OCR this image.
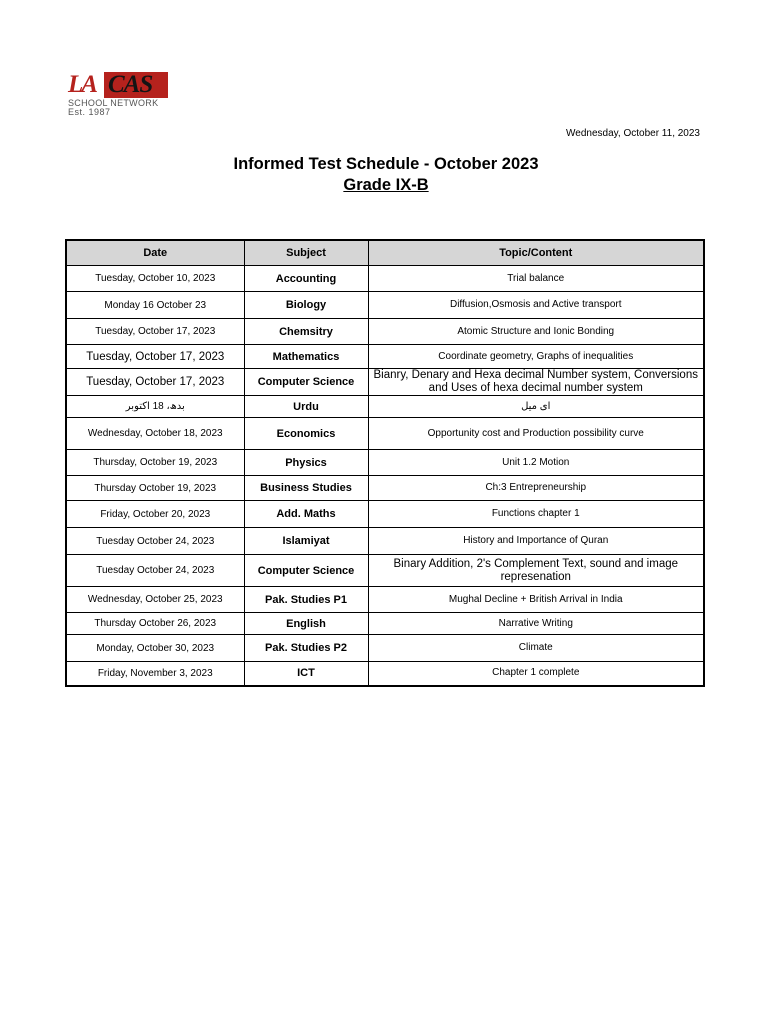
LA CAS
SCHOOL NETWORK
Est. 1987
Wednesday, October 11, 2023
Informed Test Schedule - October 2023
Grade IX-B
Date	Subject	Topic/Content
Tuesday, October 10, 2023	Accounting	Trial balance
Monday 16 October 23	Biology	Diffusion,Osmosis and Active transport
Tuesday, October 17, 2023	Chemsitry	Atomic Structure and Ionic Bonding
Tuesday, October 17, 2023	Mathematics	Coordinate geometry, Graphs of inequalities
Tuesday, October 17, 2023	Computer Science	Bianry, Denary and Hexa decimal Number system, Conversions and Uses of hexa decimal number system
بدھ، 18 اکتوبر	Urdu	ای میل
Wednesday, October 18, 2023	Economics	Opportunity cost and Production possibility curve
Thursday, October 19, 2023	Physics	Unit 1.2 Motion
Thursday October 19, 2023	Business Studies	Ch:3 Entrepreneurship
Friday, October 20, 2023	Add. Maths	Functions chapter 1
Tuesday October 24, 2023	Islamiyat	History and Importance of Quran
Tuesday October 24, 2023	Computer Science	Binary Addition, 2's Complement Text, sound and image represenation
Wednesday, October 25, 2023	Pak. Studies P1	Mughal Decline + British Arrival in India
Thursday October 26, 2023	English	Narrative Writing
Monday, October 30, 2023	Pak. Studies P2	Climate
Friday, November 3, 2023	ICT	Chapter 1 complete
